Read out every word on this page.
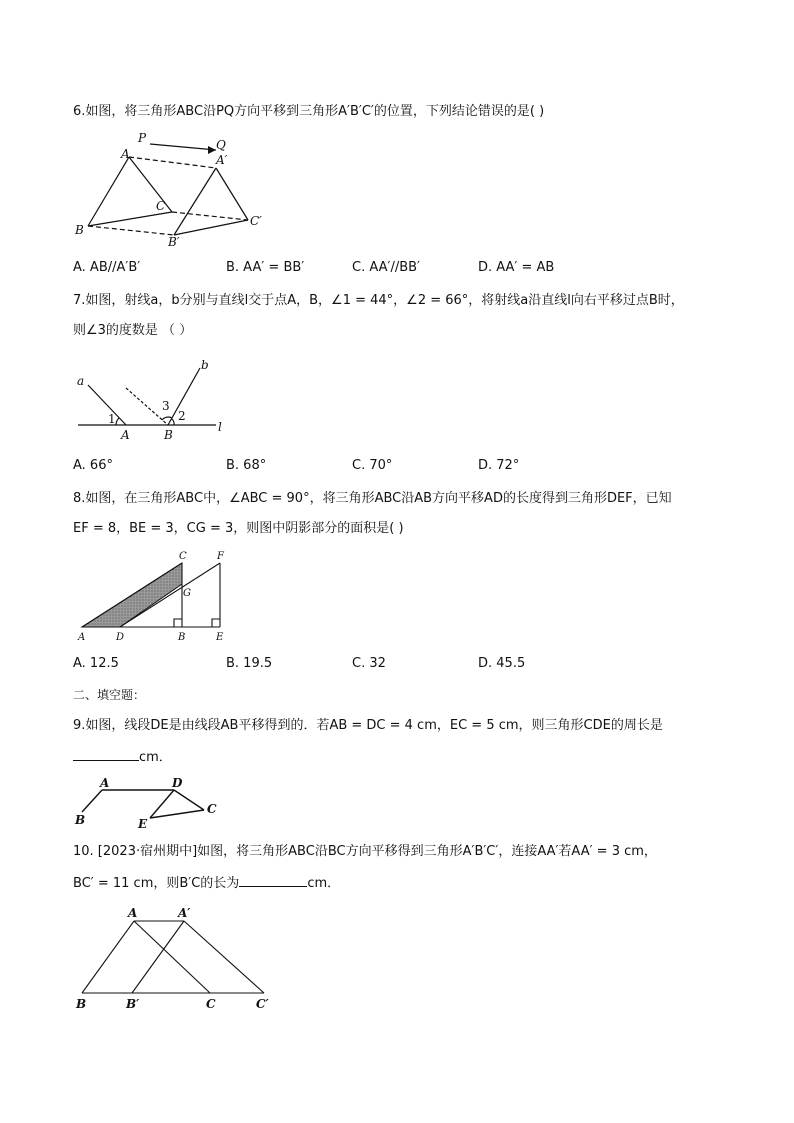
6.如图，将三角形ABC沿PQ方向平移到三角形A′B′C′的位置，下列结论错误的是( )
P	Q
A	A′
B
B′
C
C′
A. AB//A′B′	B. AA′ = BB′	C. AA′//BB′	D. AA′ = AB
7.如图，射线a，b分别与直线l交于点A，B，∠1 = 44°，∠2 = 66°，将射线a沿直线l向右平移过点B时，
则∠3的度数是 （ ）
a
b
l
A	B
1
3
2
A. 66°	B. 68°	C. 70°	D. 72°
8.如图，在三角形ABC中，∠ABC = 90°，将三角形ABC沿AB方向平移AD的长度得到三角形DEF，已知
EF = 8，BE = 3，CG = 3，则图中阴影部分的面积是( )
A	D	B	E
C	F
G
A. 12.5	B. 19.5	C. 32	D. 45.5
二、填空题：
9.如图，线段DE是由线段AB平移得到的．若AB = DC = 4 cm，EC = 5 cm，则三角形CDE的周长是
cm．
A	D
B
C
E
10. [2023·宿州期中]如图，将三角形ABC沿BC方向平移得到三角形A′B′C′，连接AA′若AA′ = 3 cm，
BC′ = 11 cm，则B′C的长为	cm．
A	A′
B	B′	C	C′
